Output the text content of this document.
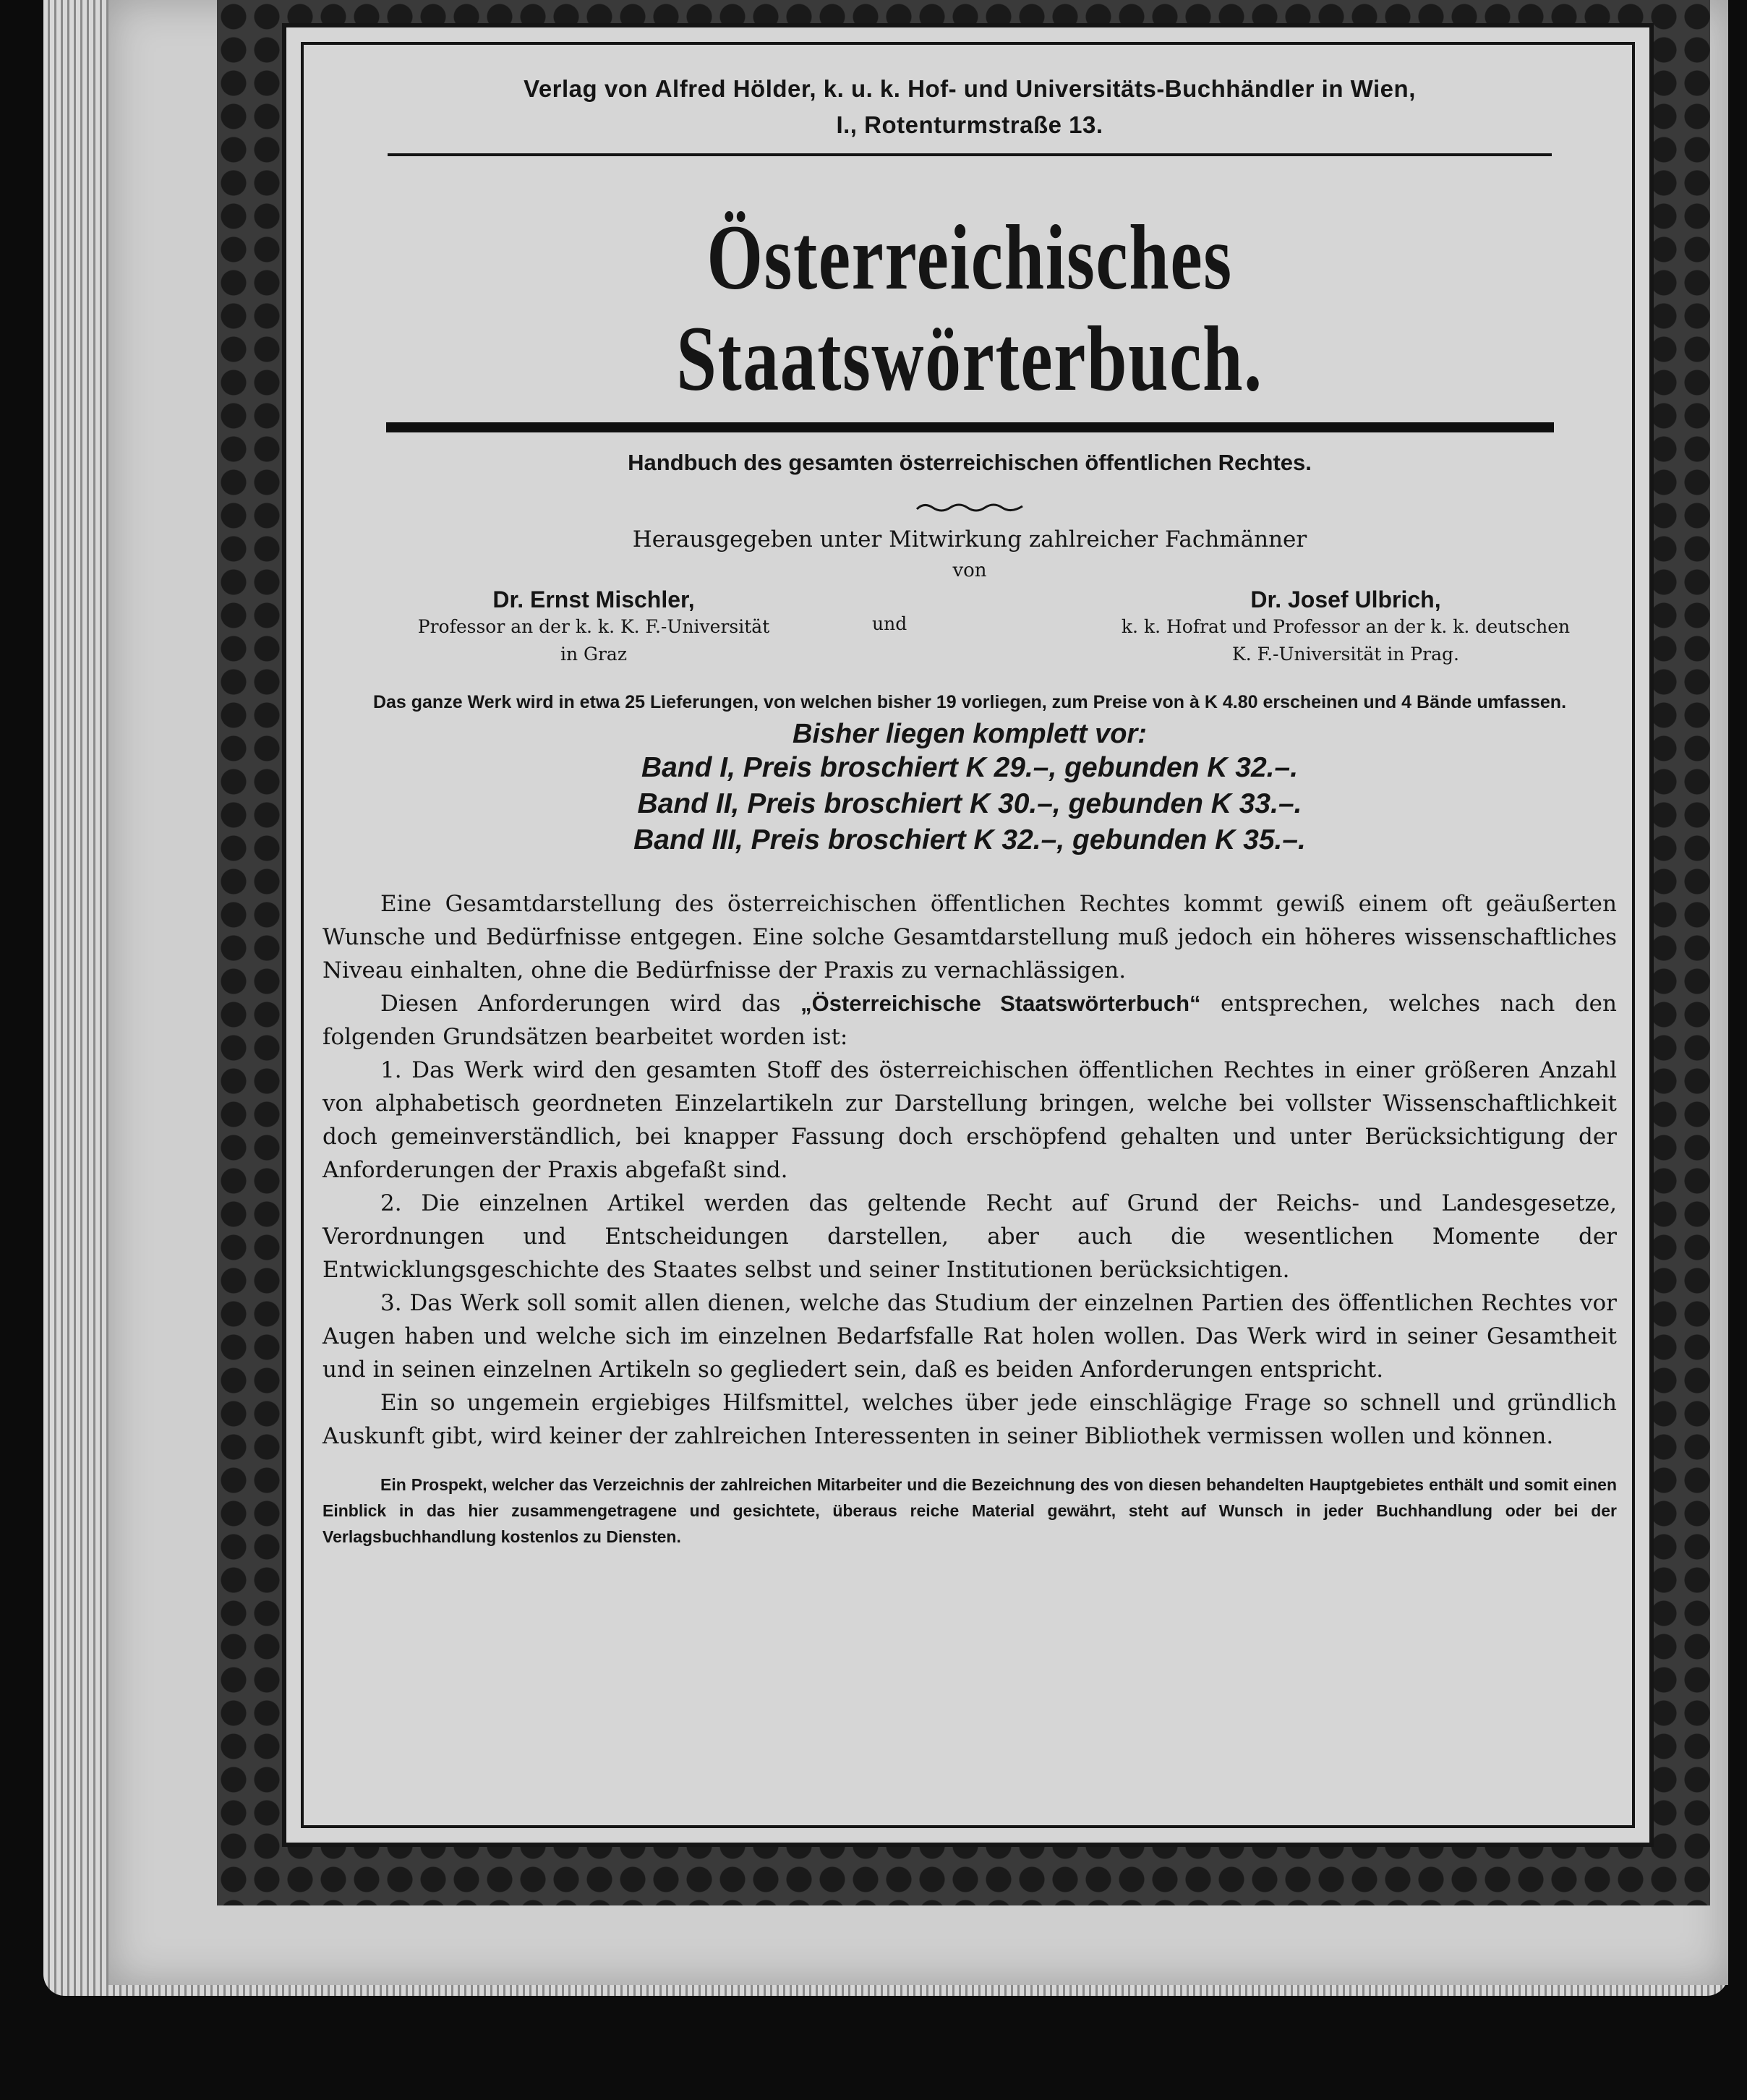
Verlag von Alfred Hölder, k. u. k. Hof- und Universitäts-Buchhändler in Wien,
I., Rotenturmstraße 13.
Österreichisches Staatswörterbuch.
Handbuch des gesamten österreichischen öffentlichen Rechtes.
Herausgegeben unter Mitwirkung zahlreicher Fachmänner
von
Dr. Ernst Mischler,
Professor an der k. k. K. F.-Universität
in Graz
und
Dr. Josef Ulbrich,
k. k. Hofrat und Professor an der k. k. deutschen
K. F.-Universität in Prag.
Das ganze Werk wird in etwa 25 Lieferungen, von welchen bisher 19 vorliegen, zum Preise von à K 4.80 erscheinen und 4 Bände umfassen.
Bisher liegen komplett vor:
Band I, Preis broschiert K 29.–, gebunden K 32.–.
Band II, Preis broschiert K 30.–, gebunden K 33.–.
Band III, Preis broschiert K 32.–, gebunden K 35.–.

Eine Gesamtdarstellung des österreichischen öffentlichen Rechtes kommt gewiß einem oft geäußerten Wunsche und Bedürfnisse entgegen. Eine solche Gesamtdarstellung muß jedoch ein höheres wissenschaftliches Niveau einhalten, ohne die Bedürfnisse der Praxis zu vernachlässigen.

Diesen Anforderungen wird das „Österreichische Staatswörterbuch“ entsprechen, welches nach den folgenden Grundsätzen bearbeitet worden ist:

1. Das Werk wird den gesamten Stoff des österreichischen öffentlichen Rechtes in einer größeren Anzahl von alphabetisch geordneten Einzelartikeln zur Darstellung bringen, welche bei vollster Wissenschaftlichkeit doch gemeinverständlich, bei knapper Fassung doch erschöpfend gehalten und unter Berücksichtigung der Anforderungen der Praxis abgefaßt sind.

2. Die einzelnen Artikel werden das geltende Recht auf Grund der Reichs- und Landesgesetze, Verordnungen und Entscheidungen darstellen, aber auch die wesentlichen Momente der Entwicklungsgeschichte des Staates selbst und seiner Institutionen berücksichtigen.

3. Das Werk soll somit allen dienen, welche das Studium der einzelnen Partien des öffentlichen Rechtes vor Augen haben und welche sich im einzelnen Bedarfsfalle Rat holen wollen. Das Werk wird in seiner Gesamtheit und in seinen einzelnen Artikeln so gegliedert sein, daß es beiden Anforderungen entspricht.

Ein so ungemein ergiebiges Hilfsmittel, welches über jede einschlägige Frage so schnell und gründlich Auskunft gibt, wird keiner der zahlreichen Interessenten in seiner Bibliothek vermissen wollen und können.

Ein Prospekt, welcher das Verzeichnis der zahlreichen Mitarbeiter und die Bezeichnung des von diesen behandelten Hauptgebietes enthält und somit einen Einblick in das hier zusammengetragene und gesichtete, überaus reiche Material gewährt, steht auf Wunsch in jeder Buchhandlung oder bei der Verlagsbuchhandlung kostenlos zu Diensten.
